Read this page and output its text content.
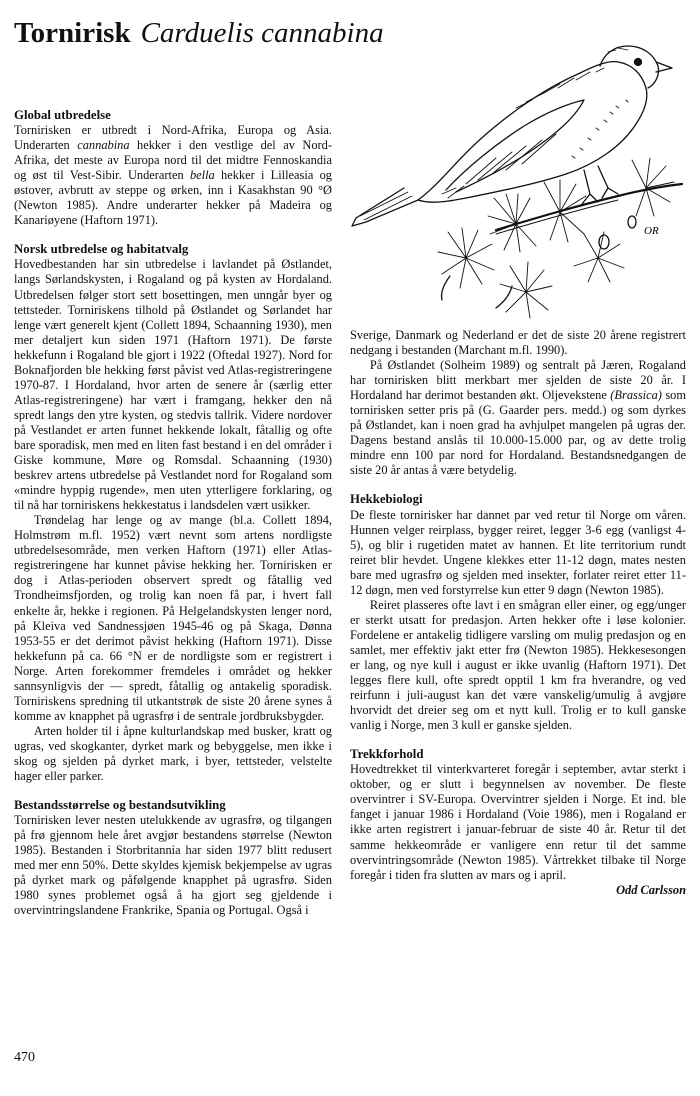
Tornirisk Carduelis cannabina
OR
Global utbredelse

Tornirisken er utbredt i Nord-Afrika, Europa og Asia. Underarten cannabina hekker i den vestlige del av Nord-Afrika, det meste av Europa nord til det midtre Fennoskandia og øst til Vest-Sibir. Underarten bella hekker i Lilleasia og østover, avbrutt av steppe og ørken, inn i Kasakhstan 90 °Ø (Newton 1985). Andre underarter hekker på Madeira og Kanariøyene (Haftorn 1971).

Norsk utbredelse og habitatvalg

Hovedbestanden har sin utbredelse i lavlandet på Østlandet, langs Sørlandskysten, i Rogaland og på kysten av Hordaland. Utbredelsen følger stort sett bosettingen, men unngår byer og tettsteder. Torniriskens tilhold på Østlandet og Sørlandet har lenge vært generelt kjent (Collett 1894, Schaanning 1930), men mer detaljert kun siden 1971 (Haftorn 1971). De første hekkefunn i Rogaland ble gjort i 1922 (Oftedal 1927). Nord for Boknafjorden ble hekking først påvist ved Atlas-registreringene 1970-87. I Hordaland, hvor arten de senere år (særlig etter Atlas-registreringene) har vært i framgang, hekker den nå spredt langs den ytre kysten, og stedvis tallrik. Videre nordover på Vestlandet er arten funnet hekkende lokalt, fåtallig og ofte bare sporadisk, men med en liten fast bestand i en del områder i Giske kommune, Møre og Romsdal. Schaanning (1930) beskrev artens utbredelse på Vestlandet nord for Rogaland som «mindre hyppig rugende», men uten ytterligere forklaring, og til nå har torniriskens hekkestatus i landsdelen vært usikker.

Trøndelag har lenge og av mange (bl.a. Collett 1894, Holmstrøm m.fl. 1952) vært nevnt som artens nordligste utbredelsesområde, men verken Haftorn (1971) eller Atlas-registreringene har kunnet påvise hekking her. Tornirisken er dog i Atlas-perioden observert spredt og fåtallig ved Trondheimsfjorden, og trolig kan noen få par, i hvert fall enkelte år, hekke i regionen. På Helgelandskysten lenger nord, på Kleiva ved Sandnessjøen 1945-46 og på Skaga, Dønna 1953-55 er det derimot påvist hekking (Haftorn 1971). Disse hekkefunn på ca. 66 °N er de nordligste som er registrert i Norge. Arten forekommer fremdeles i området og hekker sannsynligvis der — spredt, fåtallig og antakelig sporadisk. Torniriskens spredning til utkantstrøk de siste 20 årene synes å komme av knapphet på ugrasfrø i de sentrale jordbruksbygder.

Arten holder til i åpne kulturlandskap med busker, kratt og ugras, ved skogkanter, dyrket mark og bebyggelse, men ikke i skog og sjelden på dyrket mark, i byer, tettsteder, velstelte hager eller parker.

Bestandsstørrelse og bestandsutvikling

Tornirisken lever nesten utelukkende av ugrasfrø, og tilgangen på frø gjennom hele året avgjør bestandens størrelse (Newton 1985). Bestanden i Storbritannia har siden 1977 blitt redusert med mer enn 50%. Dette skyldes kjemisk bekjempelse av ugras på dyrket mark og påfølgende knapphet på ugrasfrø. Siden 1980 synes problemet også å ha gjort seg gjeldende i overvintringslandene Frankrike, Spania og Portugal. Også i

Sverige, Danmark og Nederland er det de siste 20 årene registrert nedgang i bestanden (Marchant m.fl. 1990).

På Østlandet (Solheim 1989) og sentralt på Jæren, Rogaland har tornirisken blitt merkbart mer sjelden de siste 20 år. I Hordaland har derimot bestanden økt. Oljevekstene (Brassica) som tornirisken setter pris på (G. Gaarder pers. medd.) og som dyrkes på Østlandet, kan i noen grad ha avhjulpet mangelen på ugras der. Dagens bestand anslås til 10.000-15.000 par, og av dette trolig mindre enn 100 par nord for Hordaland. Bestandsnedgangen de siste 20 år antas å være betydelig.

Hekkebiologi

De fleste tornirisker har dannet par ved retur til Norge om våren. Hunnen velger reirplass, bygger reiret, legger 3-6 egg (vanligst 4-5), og blir i rugetiden matet av hannen. Et lite territorium rundt reiret blir hevdet. Ungene klekkes etter 11-12 døgn, mates nesten bare med ugrasfrø og sjelden med insekter, forlater reiret etter 11-12 døgn, men ved forstyrrelse kun etter 9 døgn (Newton 1985).

Reiret plasseres ofte lavt i en smågran eller einer, og egg/unger er sterkt utsatt for predasjon. Arten hekker ofte i løse kolonier. Fordelene er antakelig tidligere varsling om mulig predasjon og en samlet, mer effektiv jakt etter frø (Newton 1985). Hekkesesongen er lang, og nye kull i august er ikke uvanlig (Haftorn 1971). Det legges flere kull, ofte spredt opptil 1 km fra hverandre, og ved reirfunn i juli-august kan det være vanskelig/umulig å avgjøre hvorvidt det dreier seg om et nytt kull. Trolig er to kull ganske vanlig i Norge, men 3 kull er ganske sjelden.

Trekkforhold

Hovedtrekket til vinterkvarteret foregår i september, avtar sterkt i oktober, og er slutt i begynnelsen av november. De fleste overvintrer i SV-Europa. Overvintrer sjelden i Norge. Et ind. ble fanget i januar 1986 i Hordaland (Voie 1986), men i Rogaland er ikke arten registrert i januar-februar de siste 40 år. Retur til det samme hekkeområde er vanligere enn retur til det samme overvintringsområde (Newton 1985). Vårtrekket tilbake til Norge foregår i tiden fra slutten av mars og i april.

Odd Carlsson

470
